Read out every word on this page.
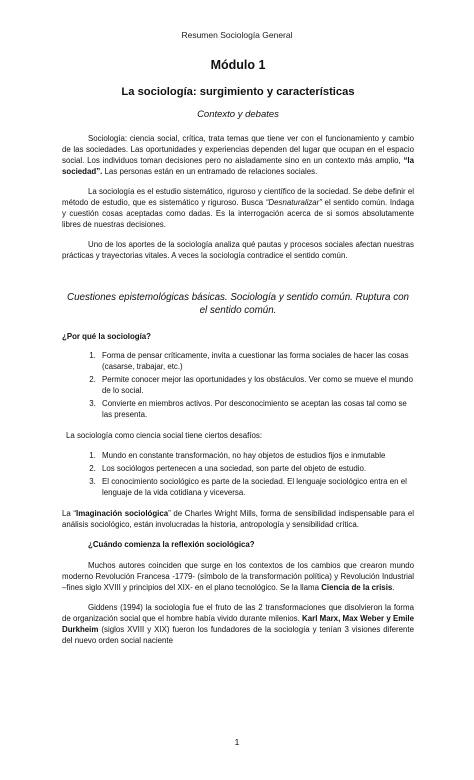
Resumen Sociología General
Módulo 1
La sociología: surgimiento y características
Contexto y debates

Sociología: ciencia social, crítica, trata temas que tiene ver con el funcionamiento y cambio de las sociedades. Las oportunidades y experiencias dependen del lugar que ocupan en el espacio social. Los individuos toman decisiones pero no aisladamente sino en un contexto más amplio, “la sociedad”. Las personas están en un entramado de relaciones sociales.

La sociología es el estudio sistemático, riguroso y científico de la sociedad. Se debe definir el método de estudio, que es sistemático y riguroso. Busca “Desnaturalizar” el sentido común. Indaga y cuestión cosas aceptadas como dadas. Es la interrogación acerca de si somos absolutamente libres de nuestras decisiones.

Uno de los aportes de la sociología analiza qué pautas y procesos sociales afectan nuestras prácticas y trayectorias vitales. A veces la sociología contradice el sentido común.

Cuestiones epistemológicas básicas. Sociología y sentido común. Ruptura con el sentido común.
¿Por qué la sociología?
1. Forma de pensar críticamente, invita a cuestionar las forma sociales de hacer las cosas (casarse, trabajar, etc.)
2. Permite conocer mejor las oportunidades y los obstáculos. Ver como se mueve el mundo de lo social.
3. Convierte en miembros activos. Por desconocimiento se aceptan las cosas tal como se las presenta.

La sociología como ciencia social tiene ciertos desafíos:

1. Mundo en constante transformación, no hay objetos de estudios fijos e inmutable
2. Los sociólogos pertenecen a una sociedad, son parte del objeto de estudio.
3. El conocimiento sociológico es parte de la sociedad. El lenguaje sociológico entra en el lenguaje de la vida cotidiana y viceversa.

La “Imaginación sociológica” de Charles Wright Mills, forma de sensibilidad indispensable para el análisis sociológico, están involucradas la historia, antropología y sensibilidad crítica.

¿Cuándo comienza la reflexión sociológica?

Muchos autores coinciden que surge en los contextos de los cambios que crearon mundo moderno Revolución Francesa -1779- (símbolo de la transformación política) y Revolución Industrial –fines siglo XVIII y principios del XIX- en el plano tecnológico. Se la llama Ciencia de la crisis.

Giddens (1994) la sociología fue el fruto de las 2 transformaciones que disolvieron la forma de organización social que el hombre había vivido durante milenios. Karl Marx, Max Weber y Emile Durkheim (siglos XVIII y XIX) fueron los fundadores de la sociología y tenían 3 visiones diferente del nuevo orden social naciente

1
